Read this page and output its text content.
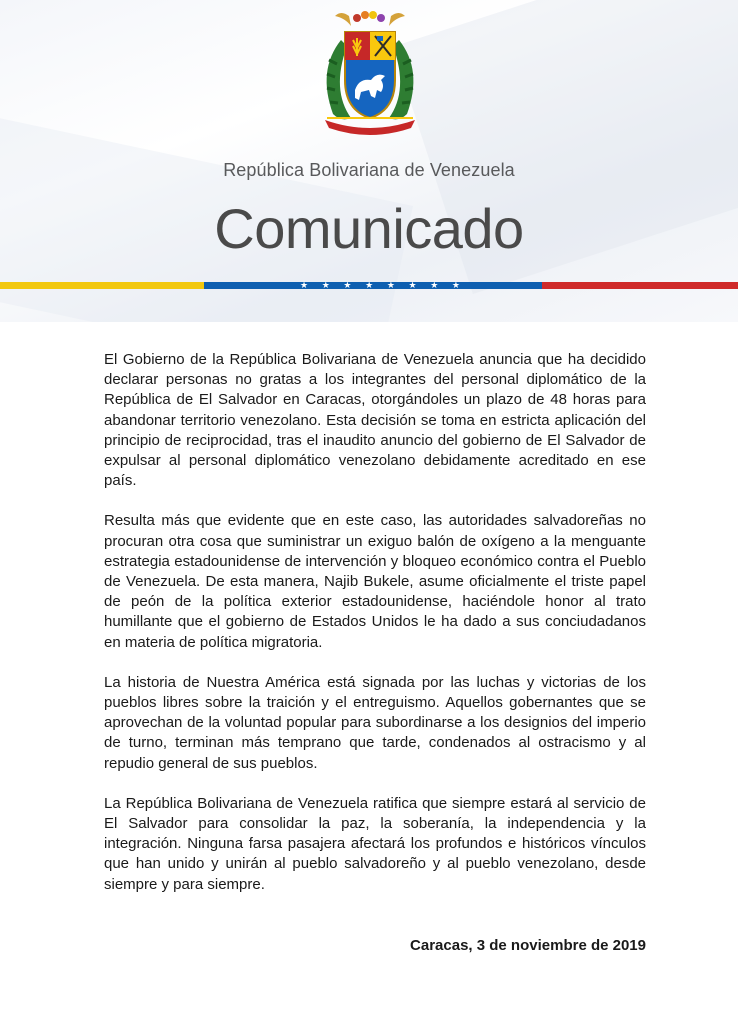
República Bolivariana de Venezuela
Comunicado
★ ★ ★ ★ ★ ★ ★ ★

El Gobierno de la República Bolivariana de Venezuela anuncia que ha decidido declarar personas no gratas a los integrantes del personal diplomático de la República de El Salvador en Caracas, otorgándoles un plazo de 48 horas para abandonar territorio venezolano. Esta decisión se toma en estricta aplicación del principio de reciprocidad, tras el inaudito anuncio del gobierno de El Salvador de expulsar al personal diplomático venezolano debidamente acreditado en ese país.

Resulta más que evidente que en este caso, las autoridades salvadoreñas no procuran otra cosa que suministrar un exiguo balón de oxígeno a la menguante estrategia estadounidense de intervención y bloqueo económico contra el Pueblo de Venezuela. De esta manera, Najib Bukele, asume oficialmente el triste papel de peón de la política exterior estadounidense, haciéndole honor al trato humillante que el gobierno de Estados Unidos le ha dado a sus conciudadanos en materia de política migratoria.

La historia de Nuestra América está signada por las luchas y victorias de los pueblos libres sobre la traición y el entreguismo. Aquellos gobernantes que se aprovechan de la voluntad popular para subordinarse a los designios del imperio de turno, terminan más temprano que tarde, condenados al ostracismo y al repudio general de sus pueblos.

La República Bolivariana de Venezuela ratifica que siempre estará al servicio de El Salvador para consolidar la paz, la soberanía, la independencia y la integración. Ninguna farsa pasajera afectará los profundos e históricos vínculos que han unido y unirán al pueblo salvadoreño y al pueblo venezolano, desde siempre y para siempre.

Caracas, 3 de noviembre de 2019
